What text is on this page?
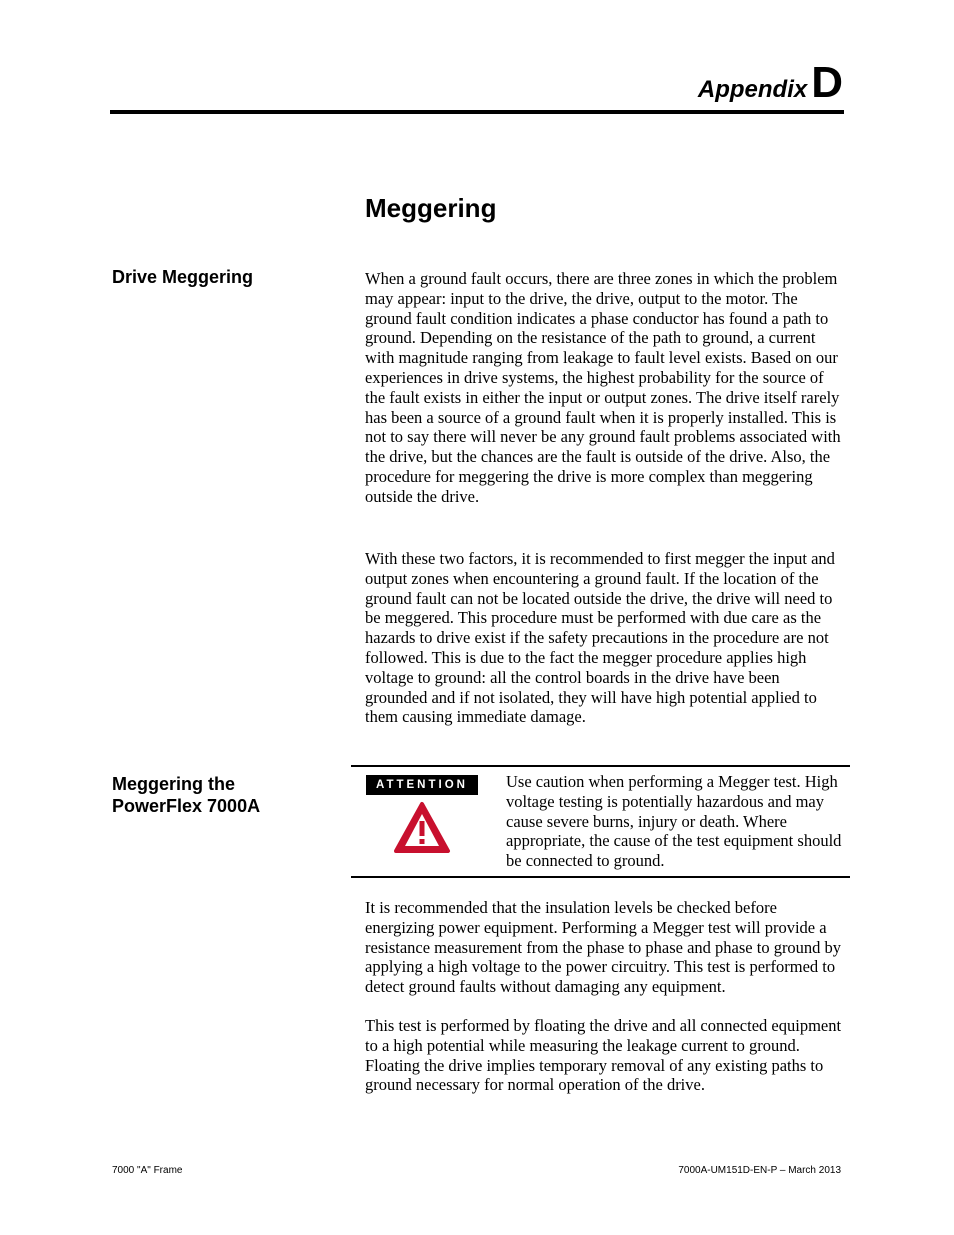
AppendixD
Meggering
Drive Meggering	When a ground fault occurs, there are three zones in which the problem may appear: input to the drive, the drive, output to the motor. The ground fault condition indicates a phase conductor has found a path to ground. Depending on the resistance of the path to ground, a current with magnitude ranging from leakage to fault level exists. Based on our experiences in drive systems, the highest probability for the source of the fault exists in either the input or output zones. The drive itself rarely has been a source of a ground fault when it is properly installed. This is not to say there will never be any ground fault problems associated with the drive, but the chances are the fault is outside of the drive. Also, the procedure for meggering the drive is more complex than meggering outside the drive.

With these two factors, it is recommended to first megger the input and output zones when encountering a ground fault. If the location of the ground fault can not be located outside the drive, the drive will need to be meggered. This procedure must be performed with due care as the hazards to drive exist if the safety precautions in the procedure are not followed. This is due to the fact the megger procedure applies high voltage to ground: all the control boards in the drive have been grounded and if not isolated, they will have high potential applied to them causing immediate damage.

Meggering the PowerFlex 7000A
ATTENTION	Use caution when performing a Megger test. High voltage testing is potentially hazardous and may cause severe burns, injury or death. Where appropriate, the cause of the test equipment should be connected to ground.

It is recommended that the insulation levels be checked before energizing power equipment. Performing a Megger test will provide a resistance measurement from the phase to phase and phase to ground by applying a high voltage to the power circuitry. This test is performed to detect ground faults without damaging any equipment.

This test is performed by floating the drive and all connected equipment to a high potential while measuring the leakage current to ground. Floating the drive implies temporary removal of any existing paths to ground necessary for normal operation of the drive.

7000 "A" Frame	7000A-UM151D-EN-P – March 2013
